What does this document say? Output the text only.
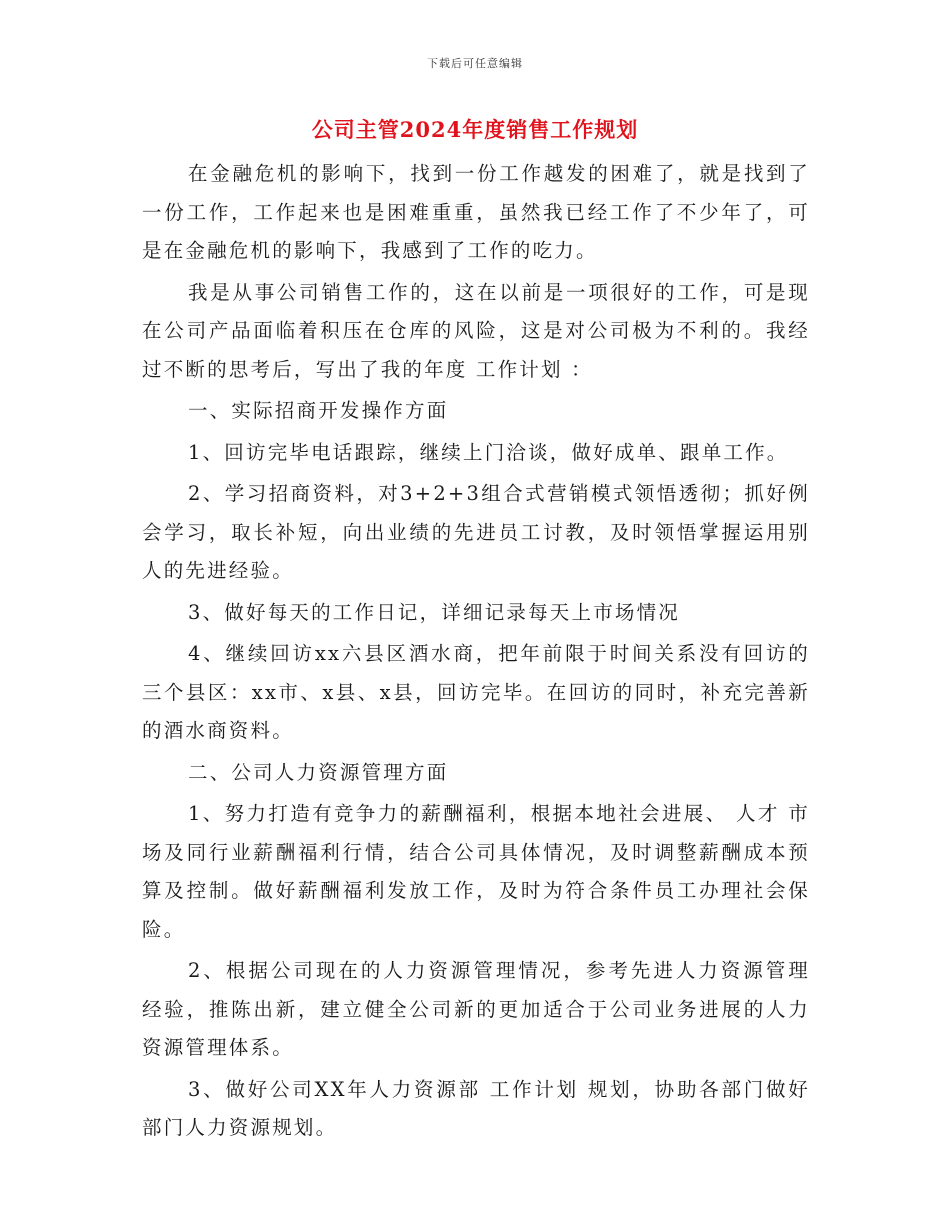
下载后可任意编辑
公司主管2024年度销售工作规划

在金融危机的影响下，找到一份工作越发的困难了，就是找到了一份工作，工作起来也是困难重重，虽然我已经工作了不少年了，可是在金融危机的影响下，我感到了工作的吃力。

我是从事公司销售工作的，这在以前是一项很好的工作，可是现在公司产品面临着积压在仓库的风险，这是对公司极为不利的。我经过不断的思考后，写出了我的年度 工作计划 ：

一、实际招商开发操作方面

1、回访完毕电话跟踪，继续上门洽谈，做好成单、跟单工作。

2、学习招商资料，对3+2+3组合式营销模式领悟透彻；抓好例会学习，取长补短，向出业绩的先进员工讨教，及时领悟掌握运用别人的先进经验。

3、做好每天的工作日记，详细记录每天上市场情况

4、继续回访xx六县区酒水商，把年前限于时间关系没有回访的三个县区：xx市、x县、x县，回访完毕。在回访的同时，补充完善新的酒水商资料。

二、公司人力资源管理方面

1、努力打造有竞争力的薪酬福利，根据本地社会进展、 人才 市场及同行业薪酬福利行情，结合公司具体情况，及时调整薪酬成本预算及控制。做好薪酬福利发放工作，及时为符合条件员工办理社会保险。

2、根据公司现在的人力资源管理情况，参考先进人力资源管理经验，推陈出新，建立健全公司新的更加适合于公司业务进展的人力资源管理体系。

3、做好公司XX年人力资源部 工作计划 规划，协助各部门做好部门人力资源规划。
